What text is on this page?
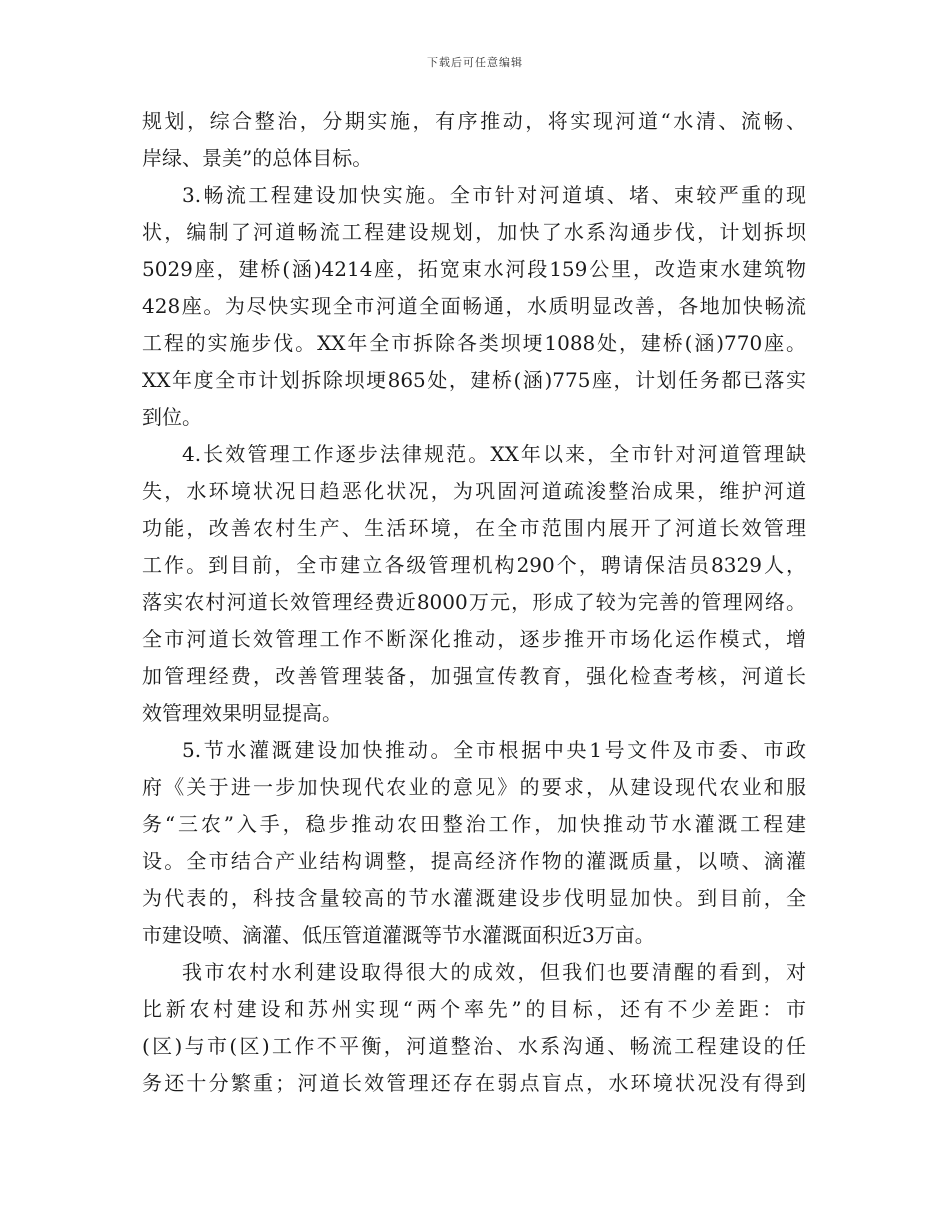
下载后可任意编辑
规划，综合整治，分期实施，有序推动，将实现河道“水清、流畅、
岸绿、景美”的总体目标。
3.畅流工程建设加快实施。全市针对河道填、堵、束较严重的现
状，编制了河道畅流工程建设规划，加快了水系沟通步伐，计划拆坝
5029座，建桥(涵)4214座，拓宽束水河段159公里，改造束水建筑物
428座。为尽快实现全市河道全面畅通，水质明显改善，各地加快畅流
工程的实施步伐。XX年全市拆除各类坝埂1088处，建桥(涵)770座。
XX年度全市计划拆除坝埂865处，建桥(涵)775座，计划任务都已落实
到位。
4.长效管理工作逐步法律规范。XX年以来，全市针对河道管理缺
失，水环境状况日趋恶化状况，为巩固河道疏浚整治成果，维护河道
功能，改善农村生产、生活环境，在全市范围内展开了河道长效管理
工作。到目前，全市建立各级管理机构290个，聘请保洁员8329人，
落实农村河道长效管理经费近8000万元，形成了较为完善的管理网络。
全市河道长效管理工作不断深化推动，逐步推开市场化运作模式，增
加管理经费，改善管理装备，加强宣传教育，强化检查考核，河道长
效管理效果明显提高。
5.节水灌溉建设加快推动。全市根据中央1号文件及市委、市政
府《关于进一步加快现代农业的意见》的要求，从建设现代农业和服
务“三农”入手，稳步推动农田整治工作，加快推动节水灌溉工程建
设。全市结合产业结构调整，提高经济作物的灌溉质量，以喷、滴灌
为代表的，科技含量较高的节水灌溉建设步伐明显加快。到目前，全
市建设喷、滴灌、低压管道灌溉等节水灌溉面积近3万亩。
我市农村水利建设取得很大的成效，但我们也要清醒的看到，对
比新农村建设和苏州实现“两个率先”的目标，还有不少差距：市
(区)与市(区)工作不平衡，河道整治、水系沟通、畅流工程建设的任
务还十分繁重；河道长效管理还存在弱点盲点，水环境状况没有得到
